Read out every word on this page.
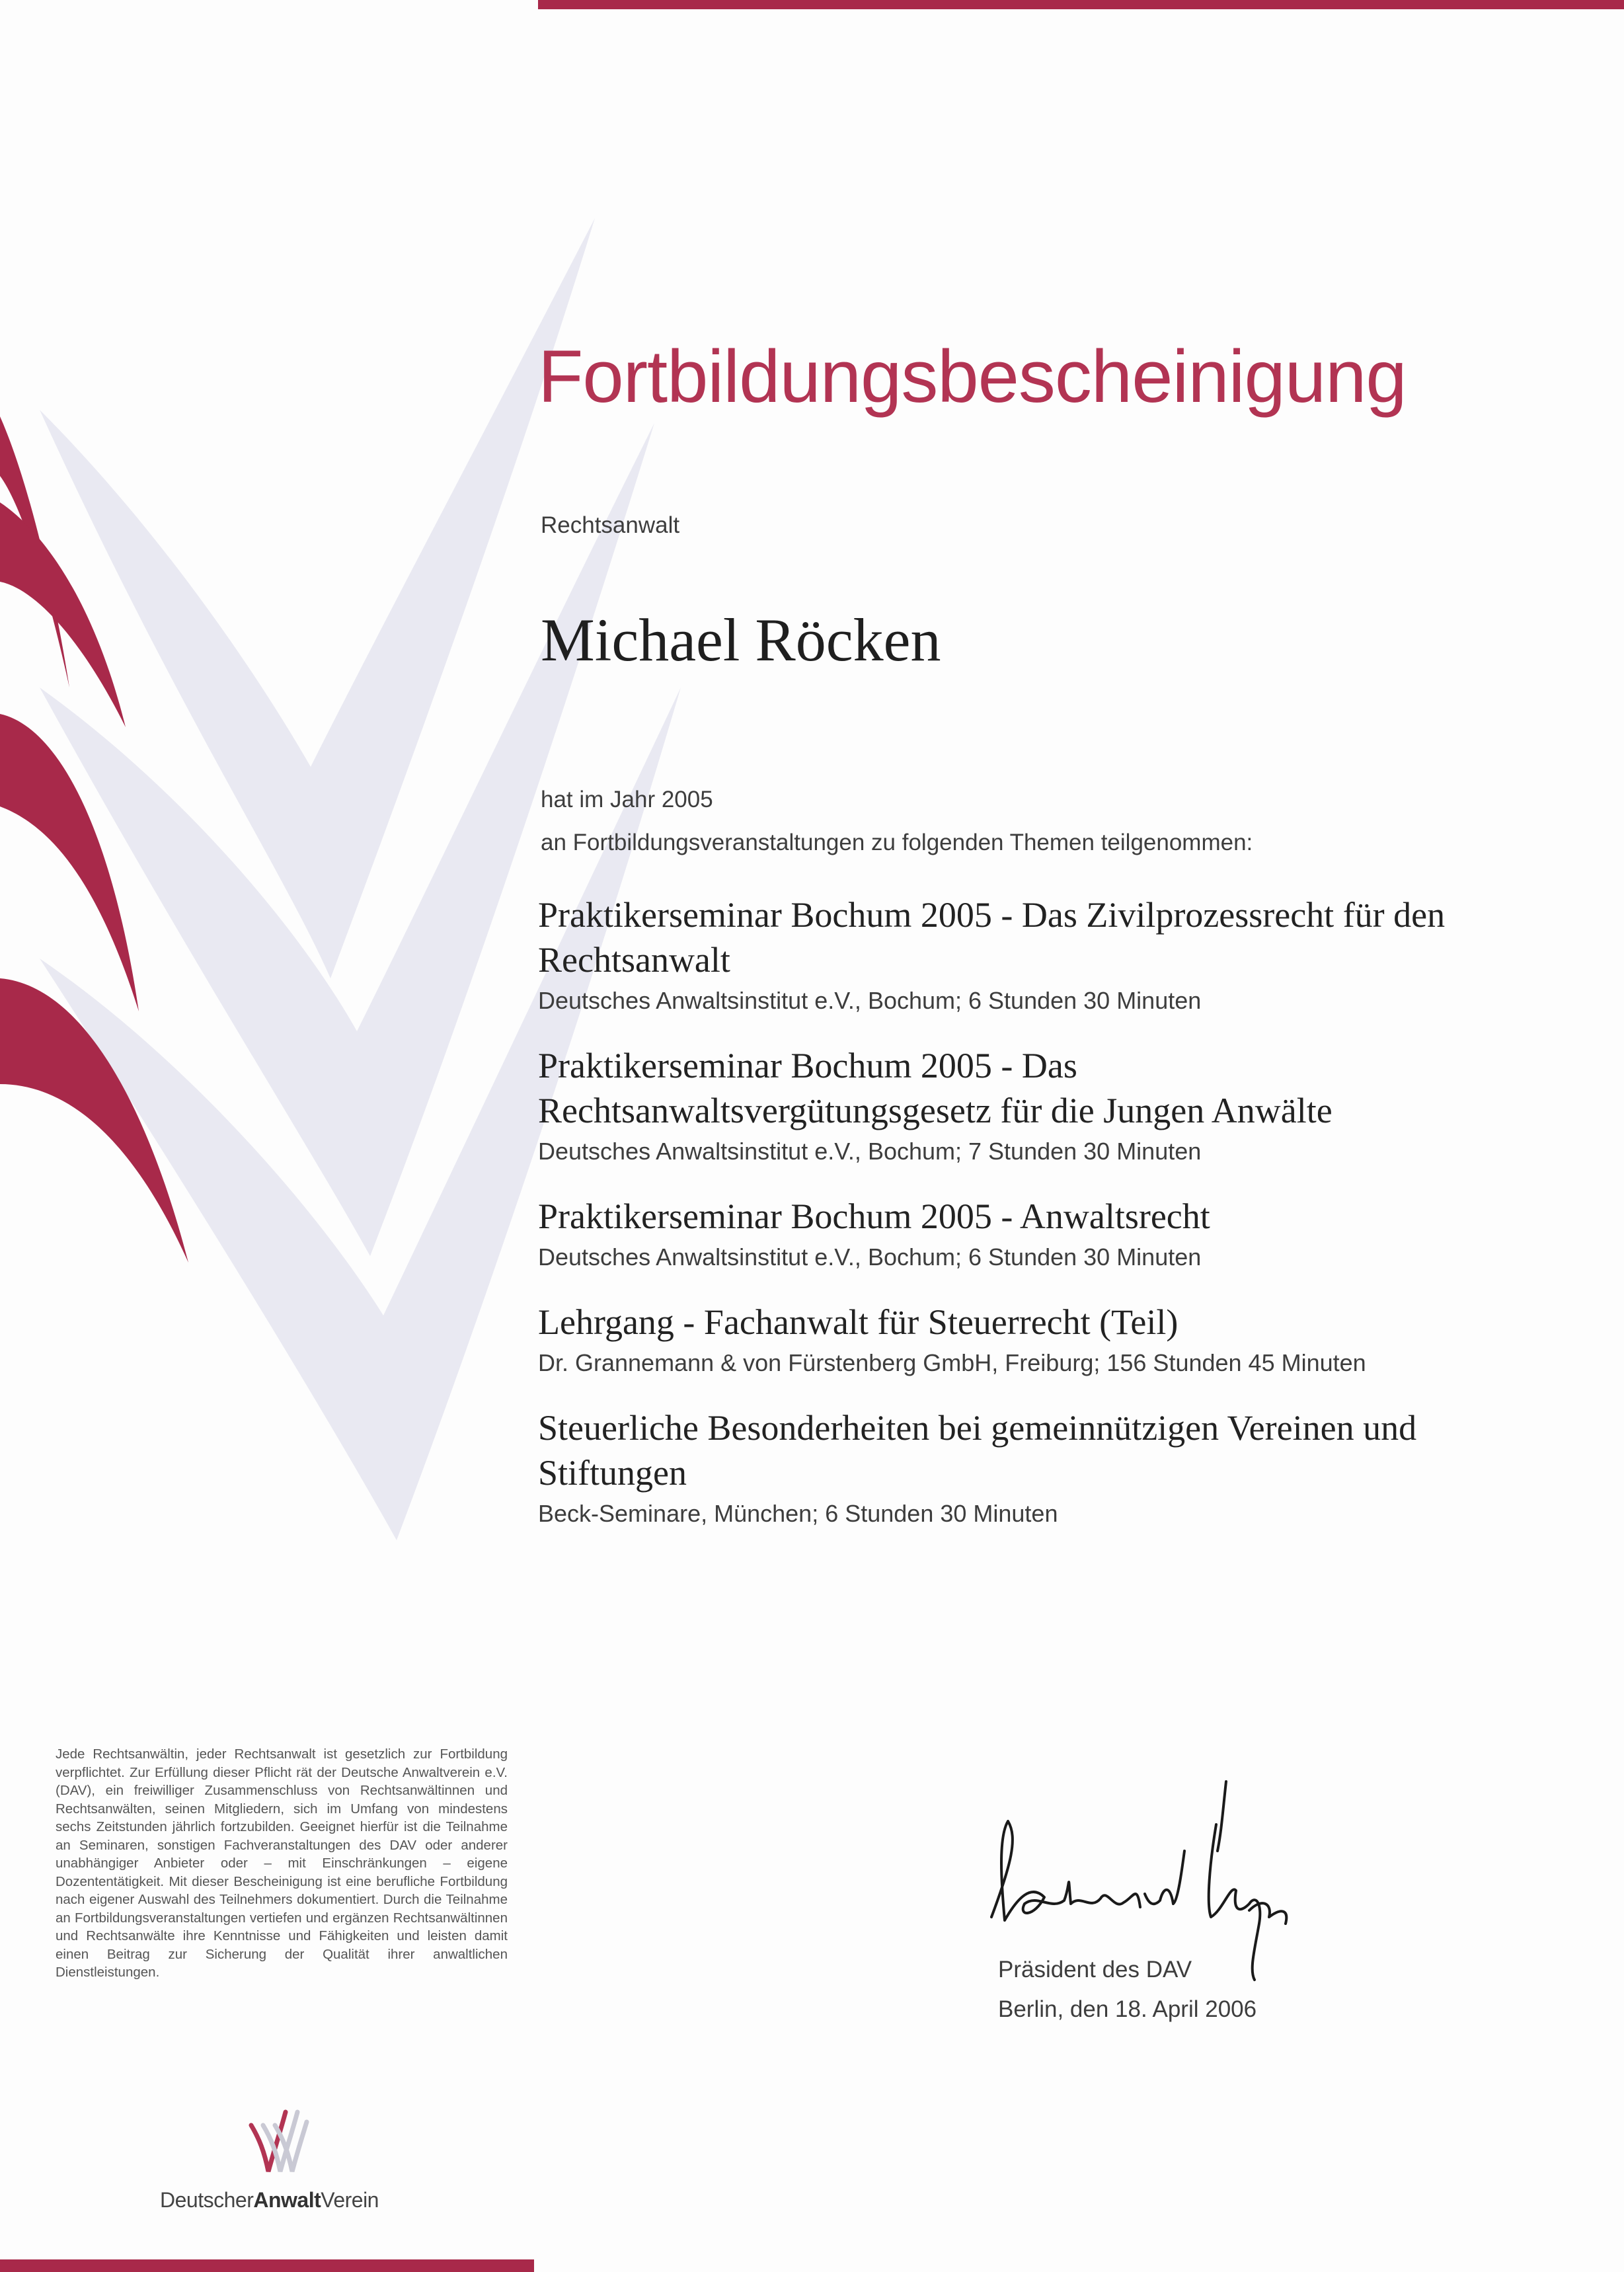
Fortbildungsbescheinigung
Rechtsanwalt
Michael Röcken
hat im Jahr 2005
an Fortbildungsveranstaltungen zu folgenden Themen teilgenommen:
Praktikerseminar Bochum 2005 - Das Zivilprozessrecht für den Rechtsanwalt
Deutsches Anwaltsinstitut e.V., Bochum; 6 Stunden 30 Minuten
Praktikerseminar Bochum 2005 - Das Rechtsanwaltsvergütungsgesetz für die Jungen Anwälte
Deutsches Anwaltsinstitut e.V., Bochum; 7 Stunden 30 Minuten
Praktikerseminar Bochum 2005 - Anwaltsrecht
Deutsches Anwaltsinstitut e.V., Bochum; 6 Stunden 30 Minuten
Lehrgang - Fachanwalt für Steuerrecht (Teil)
Dr. Grannemann & von Fürstenberg GmbH, Freiburg; 156 Stunden 45 Minuten
Steuerliche Besonderheiten bei gemeinnützigen Vereinen und Stiftungen
Beck-Seminare, München; 6 Stunden 30 Minuten
Jede Rechtsanwältin, jeder Rechtsanwalt ist gesetzlich zur Fortbildung verpflichtet. Zur Erfüllung dieser Pflicht rät der Deutsche Anwaltverein e.V. (DAV), ein freiwilliger Zusammenschluss von Rechtsanwältinnen und Rechtsanwälten, seinen Mitgliedern, sich im Umfang von mindestens sechs Zeitstunden jährlich fortzubilden. Geeignet hierfür ist die Teilnahme an Seminaren, sonstigen Fachveranstaltungen des DAV oder anderer unabhängiger Anbieter oder – mit Einschränkungen – eigene Dozententätigkeit. Mit dieser Bescheinigung ist eine berufliche Fortbildung nach eigener Auswahl des Teilnehmers dokumentiert. Durch die Teilnahme an Fortbildungsveranstaltungen vertiefen und ergänzen Rechtsanwältinnen und Rechtsanwälte ihre Kenntnisse und Fähigkeiten und leisten damit einen Beitrag zur Sicherung der Qualität ihrer anwaltlichen Dienstleistungen.	Präsident des DAV
Berlin, den 18. April 2006
DeutscherAnwaltVerein
